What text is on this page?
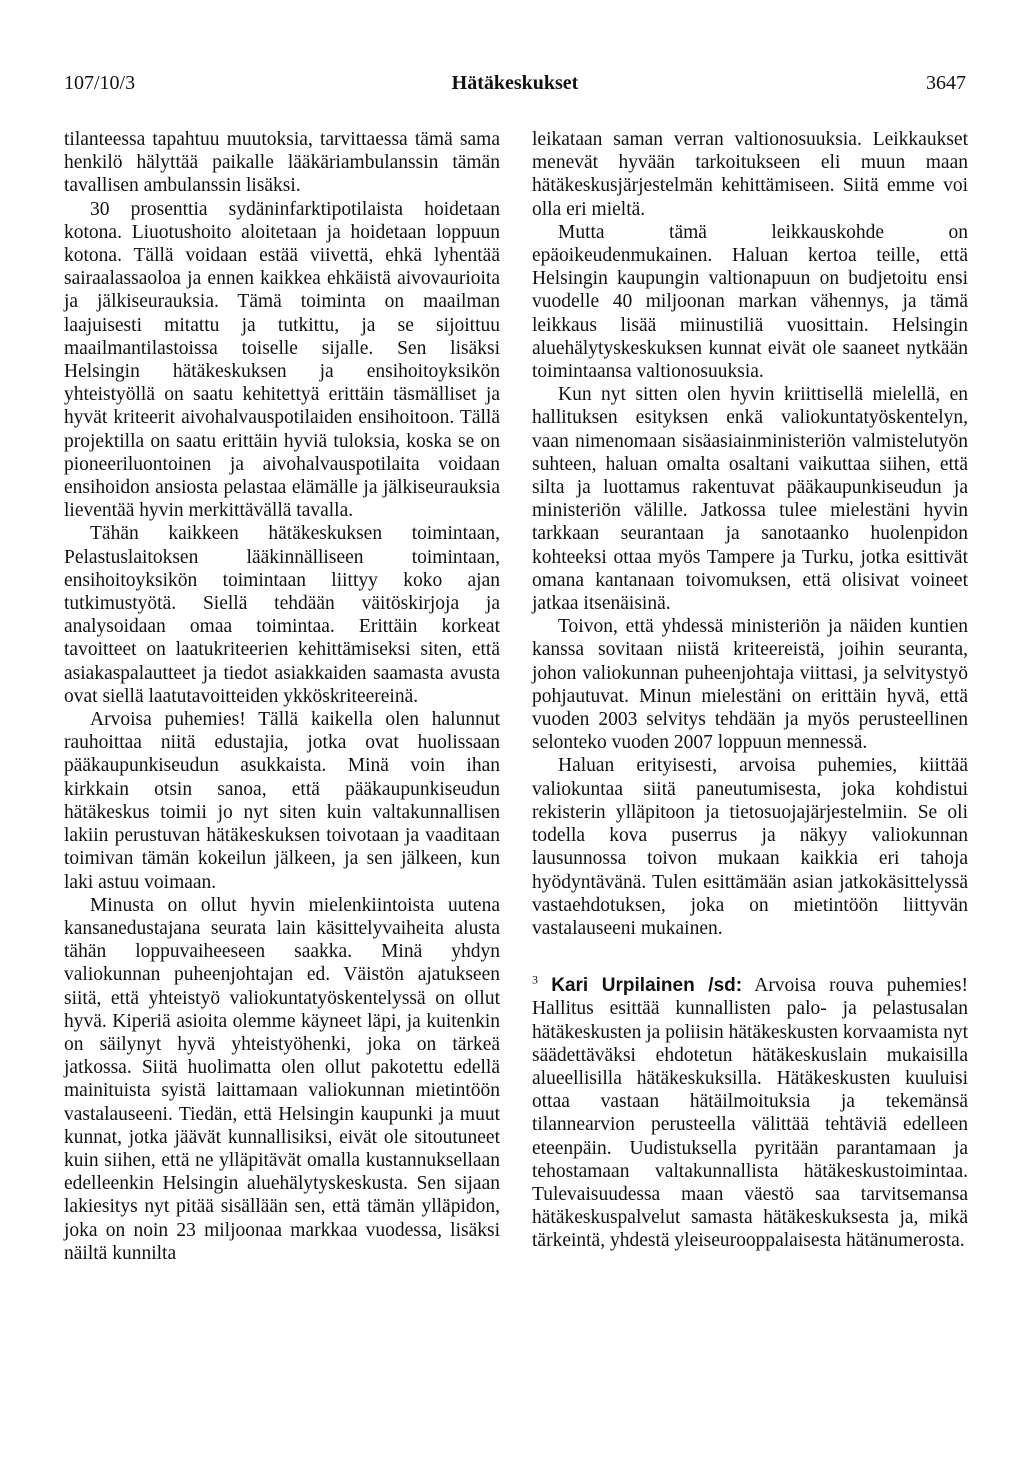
107/10/3	Hätäkeskukset	3647

tilanteessa tapahtuu muutoksia, tarvittaessa tämä sama henkilö hälyttää paikalle lääkäriambulanssin tämän tavallisen ambulanssin lisäksi.

30 prosenttia sydäninfarktipotilaista hoidetaan kotona. Liuotushoito aloitetaan ja hoidetaan loppuun kotona. Tällä voidaan estää viivettä, ehkä lyhentää sairaalassaoloa ja ennen kaikkea ehkäistä aivovaurioita ja jälkiseurauksia. Tämä toiminta on maailman laajuisesti mitattu ja tutkittu, ja se sijoittuu maailmantilastoissa toiselle sijalle. Sen lisäksi Helsingin hätäkeskuksen ja ensihoitoyksikön yhteistyöllä on saatu kehitettyä erittäin täsmälliset ja hyvät kriteerit aivohalvauspotilaiden ensihoitoon. Tällä projektilla on saatu erittäin hyviä tuloksia, koska se on pioneeriluontoinen ja aivohalvauspotilaita voidaan ensihoidon ansiosta pelastaa elämälle ja jälkiseurauksia lieventää hyvin merkittävällä tavalla.

Tähän kaikkeen hätäkeskuksen toimintaan, Pelastuslaitoksen lääkinnälliseen toimintaan, ensihoitoyksikön toimintaan liittyy koko ajan tutkimustyötä. Siellä tehdään väitöskirjoja ja analysoidaan omaa toimintaa. Erittäin korkeat tavoitteet on laatukriteerien kehittämiseksi siten, että asiakaspalautteet ja tiedot asiakkaiden saamasta avusta ovat siellä laatutavoitteiden ykköskriteereinä.

Arvoisa puhemies! Tällä kaikella olen halunnut rauhoittaa niitä edustajia, jotka ovat huolissaan pääkaupunkiseudun asukkaista. Minä voin ihan kirkkain otsin sanoa, että pääkaupunkiseudun hätäkeskus toimii jo nyt siten kuin valtakunnallisen lakiin perustuvan hätäkeskuksen toivotaan ja vaaditaan toimivan tämän kokeilun jälkeen, ja sen jälkeen, kun laki astuu voimaan.

Minusta on ollut hyvin mielenkiintoista uutena kansanedustajana seurata lain käsittelyvaiheita alusta tähän loppuvaiheeseen saakka. Minä yhdyn valiokunnan puheenjohtajan ed. Väistön ajatukseen siitä, että yhteistyö valiokuntatyöskentelyssä on ollut hyvä. Kiperiä asioita olemme käyneet läpi, ja kuitenkin on säilynyt hyvä yhteistyöhenki, joka on tärkeä jatkossa. Siitä huolimatta olen ollut pakotettu edellä mainituista syistä laittamaan valiokunnan mietintöön vastalauseeni. Tiedän, että Helsingin kaupunki ja muut kunnat, jotka jäävät kunnallisiksi, eivät ole sitoutuneet kuin siihen, että ne ylläpitävät omalla kustannuksellaan edelleenkin Helsingin aluehälytyskeskusta. Sen sijaan lakiesitys nyt pitää sisällään sen, että tämän ylläpidon, joka on noin 23 miljoonaa markkaa vuodessa, lisäksi näiltä kunnilta

leikataan saman verran valtionosuuksia. Leikkaukset menevät hyvään tarkoitukseen eli muun maan hätäkeskusjärjestelmän kehittämiseen. Siitä emme voi olla eri mieltä.

Mutta tämä leikkauskohde on epäoikeudenmukainen. Haluan kertoa teille, että Helsingin kaupungin valtionapuun on budjetoitu ensi vuodelle 40 miljoonan markan vähennys, ja tämä leikkaus lisää miinustiliä vuosittain. Helsingin aluehälytyskeskuksen kunnat eivät ole saaneet nytkään toimintaansa valtionosuuksia.

Kun nyt sitten olen hyvin kriittisellä mielellä, en hallituksen esityksen enkä valiokuntatyöskentelyn, vaan nimenomaan sisäasiainministeriön valmistelutyön suhteen, haluan omalta osaltani vaikuttaa siihen, että silta ja luottamus rakentuvat pääkaupunkiseudun ja ministeriön välille. Jatkossa tulee mielestäni hyvin tarkkaan seurantaan ja sanotaanko huolenpidon kohteeksi ottaa myös Tampere ja Turku, jotka esittivät omana kantanaan toivomuksen, että olisivat voineet jatkaa itsenäisinä.

Toivon, että yhdessä ministeriön ja näiden kuntien kanssa sovitaan niistä kriteereistä, joihin seuranta, johon valiokunnan puheenjohtaja viittasi, ja selvitystyö pohjautuvat. Minun mielestäni on erittäin hyvä, että vuoden 2003 selvitys tehdään ja myös perusteellinen selonteko vuoden 2007 loppuun mennessä.

Haluan erityisesti, arvoisa puhemies, kiittää valiokuntaa siitä paneutumisesta, joka kohdistui rekisterin ylläpitoon ja tietosuojajärjestelmiin. Se oli todella kova puserrus ja näkyy valiokunnan lausunnossa toivon mukaan kaikkia eri tahoja hyödyntävänä. Tulen esittämään asian jatkokäsittelyssä vastaehdotuksen, joka on mietintöön liittyvän vastalauseeni mukainen.

$^3$ Kari Urpilainen /sd: Arvoisa rouva puhemies! Hallitus esittää kunnallisten palo- ja pelastusalan hätäkeskusten ja poliisin hätäkeskusten korvaamista nyt säädettäväksi ehdotetun hätäkeskuslain mukaisilla alueellisilla hätäkeskuksilla. Hätäkeskusten kuuluisi ottaa vastaan hätäilmoituksia ja tekemänsä tilannearvion perusteella välittää tehtäviä edelleen eteenpäin. Uudistuksella pyritään parantamaan ja tehostamaan valtakunnallista hätäkeskustoimintaa. Tulevaisuudessa maan väestö saa tarvitsemansa hätäkeskuspalvelut samasta hätäkeskuksesta ja, mikä tärkeintä, yhdestä yleiseurooppalaisesta hätänumerosta.
